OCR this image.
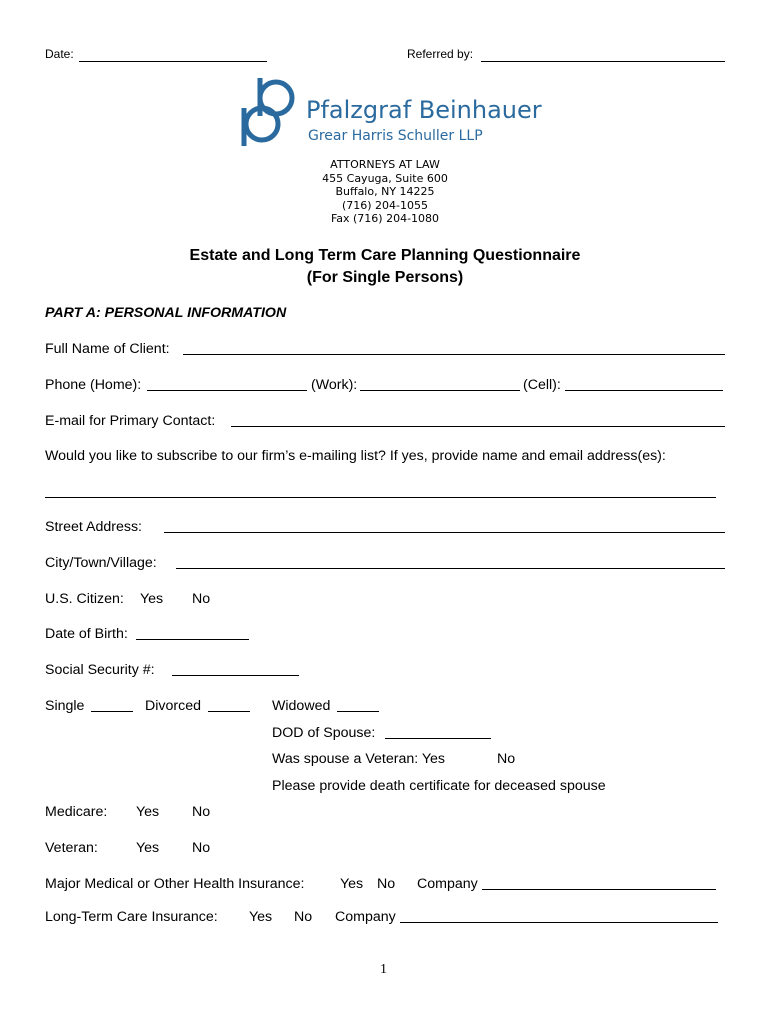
Date:	Referred by:
Pfalzgraf Beinhauer
Grear Harris Schuller LLP
ATTORNEYS AT LAW
455 Cayuga, Suite 600
Buffalo, NY 14225
(716) 204-1055
Fax (716) 204-1080
Estate and Long Term Care Planning Questionnaire
(For Single Persons)
PART A: PERSONAL INFORMATION
Full Name of Client:
Phone (Home):	(Work):	(Cell):
E-mail for Primary Contact:
Would you like to subscribe to our firm’s e-mailing list? If yes, provide name and email address(es):
Street Address:
City/Town/Village:
U.S. Citizen: Yes No
Date of Birth:
Social Security #:
Single	Divorced	Widowed
DOD of Spouse:
Was spouse a Veteran: Yes	No
Please provide death certificate for deceased spouse
Medicare: Yes No
Veteran:	Yes No
Major Medical or Other Health Insurance:	Yes No Company
Long-Term Care Insurance: Yes No Company
1
